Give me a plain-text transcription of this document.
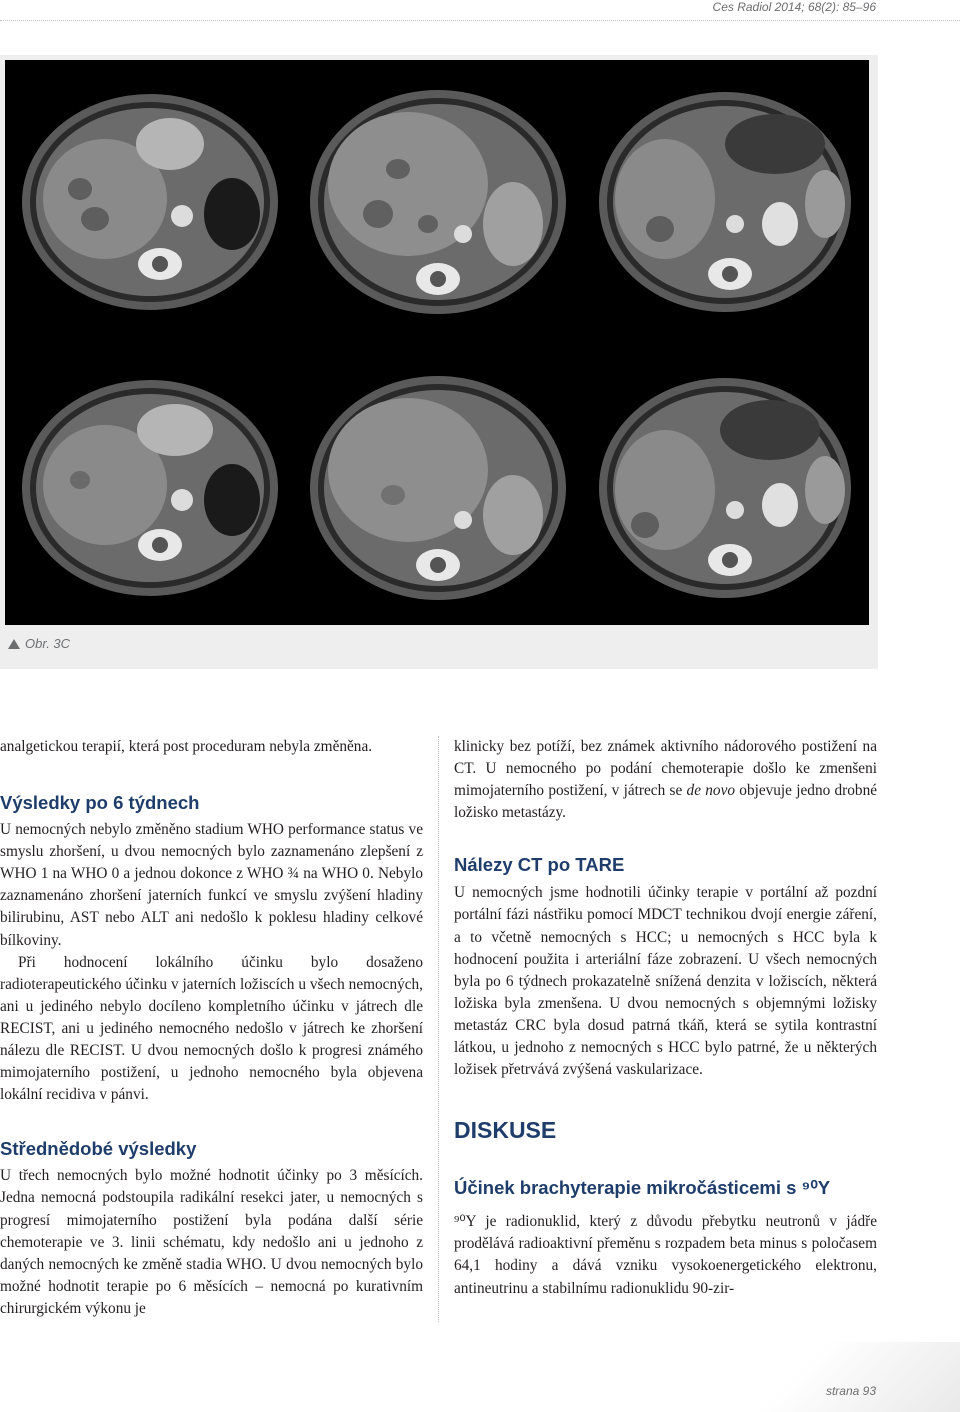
Ces Radiol 2014; 68(2): 85–96
Obr. 3C

analgetickou terapií, která post proceduram nebyla změněna.

Výsledky po 6 týdnech

U nemocných nebylo změněno stadium WHO performance status ve smyslu zhoršení, u dvou nemocných bylo zaznamenáno zlepšení z WHO 1 na WHO 0 a jednou dokonce z WHO ¾ na WHO 0. Nebylo zaznamenáno zhoršení jaterních funkcí ve smyslu zvýšení hladiny bilirubinu, AST nebo ALT ani nedošlo k poklesu hladiny celkové bílkoviny.

Při hodnocení lokálního účinku bylo dosaženo radioterapeutického účinku v jaterních ložiscích u všech nemocných, ani u jediného nebylo docíleno kompletního účinku v játrech dle RECIST, ani u jediného nemocného nedošlo v játrech ke zhoršení nálezu dle RECIST. U dvou nemocných došlo k progresi známého mimojaterního postižení, u jednoho nemocného byla objevena lokální recidiva v pánvi.

Střednědobé výsledky

U třech nemocných bylo možné hodnotit účinky po 3 měsících. Jedna nemocná podstoupila radikální resekci jater, u nemocných s progresí mimojaterního postižení byla podána další série chemoterapie ve 3. linii schématu, kdy nedošlo ani u jednoho z daných nemocných ke změně stadia WHO. U dvou nemocných bylo možné hodnotit terapie po 6 měsících – nemocná po kurativním chirurgickém výkonu je

klinicky bez potíží, bez známek aktivního nádorového postižení na CT. U nemocného po podání chemoterapie došlo ke zmenšeni mimojaterního postižení, v játrech se de novo objevuje jedno drobné ložisko metastázy.

Nálezy CT po TARE

U nemocných jsme hodnotili účinky terapie v portální až pozdní portální fázi nástřiku pomocí MDCT technikou dvojí energie záření, a to včetně nemocných s HCC; u nemocných s HCC byla k hodnocení použita i arteriální fáze zobrazení. U všech nemocných byla po 6 týdnech prokazatelně snížená denzita v ložiscích, některá ložiska byla zmenšena. U dvou nemocných s objemnými ložisky metastáz CRC byla dosud patrná tkáň, která se sytila kontrastní látkou, u jednoho z nemocných s HCC bylo patrné, že u některých ložisek přetrvává zvýšená vaskularizace.

DISKUSE
Účinek brachyterapie mikročásticemi s ⁹⁰Y

⁹⁰Y je radionuklid, který z důvodu přebytku neutronů v jádře prodělává radioaktivní přeměnu s rozpadem beta minus s poločasem 64,1 hodiny a dává vzniku vysokoenergetického elektronu, antineutrinu a stabilnímu radionuklidu 90-zir-

strana 93
